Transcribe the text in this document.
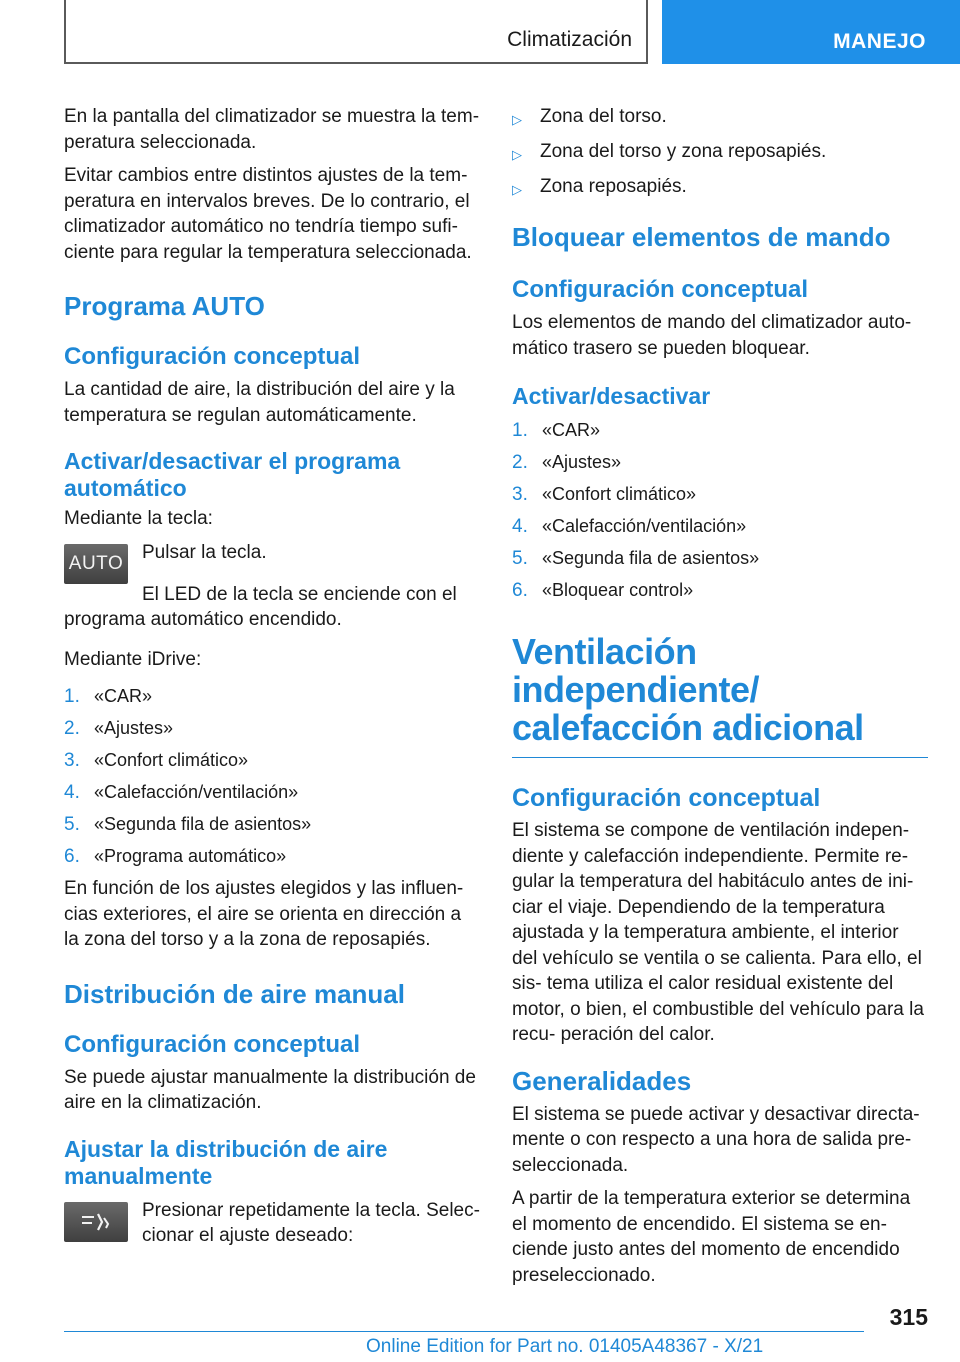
Climatización	MANEJO

En la pantalla del climatizador se muestra la tem‐ peratura seleccionada.

Evitar cambios entre distintos ajustes de la tem‐ peratura en intervalos breves. De lo contrario, el climatizador automático no tendría tiempo sufi‐ ciente para regular la temperatura seleccionada.

Programa AUTO
Configuración conceptual

La cantidad de aire, la distribución del aire y la temperatura se regulan automáticamente.

Activar/desactivar el programa automático

Mediante la tecla:

AUTO

Pulsar la tecla.

El LED de la tecla se enciende con el programa automático encendido.

Mediante iDrive:

1. «CAR»
2. «Ajustes»
3. «Confort climático»
4. «Calefacción/ventilación»
5. «Segunda fila de asientos»
6. «Programa automático»

En función de los ajustes elegidos y las influen‐ cias exteriores, el aire se orienta en dirección a la zona del torso y a la zona de reposapiés.

Distribución de aire manual
Configuración conceptual

Se puede ajustar manualmente la distribución de aire en la climatización.

Ajustar la distribución de aire manualmente

Presionar repetidamente la tecla. Selec‐ cionar el ajuste deseado:

▷ Zona del torso.
▷ Zona del torso y zona reposapiés.
▷ Zona reposapiés.
Bloquear elementos de mando
Configuración conceptual

Los elementos de mando del climatizador auto‐ mático trasero se pueden bloquear.

Activar/desactivar
1. «CAR»
2. «Ajustes»
3. «Confort climático»
4. «Calefacción/ventilación»
5. «Segunda fila de asientos»
6. «Bloquear control»
Ventilación independiente/ calefacción adicional
Configuración conceptual

El sistema se compone de ventilación indepen‐ diente y calefacción independiente. Permite re‐ gular la temperatura del habitáculo antes de ini‐ ciar el viaje. Dependiendo de la temperatura ajustada y la temperatura ambiente, el interior del vehículo se ventila o se calienta. Para ello, el sis‐ tema utiliza el calor residual existente del motor, o bien, el combustible del vehículo para la recu‐ peración del calor.

Generalidades

El sistema se puede activar y desactivar directa‐ mente o con respecto a una hora de salida pre‐ seleccionada.

A partir de la temperatura exterior se determina el momento de encendido. El sistema se en‐ ciende justo antes del momento de encendido preseleccionado.

315
Online Edition for Part no. 01405A48367 - X/21
